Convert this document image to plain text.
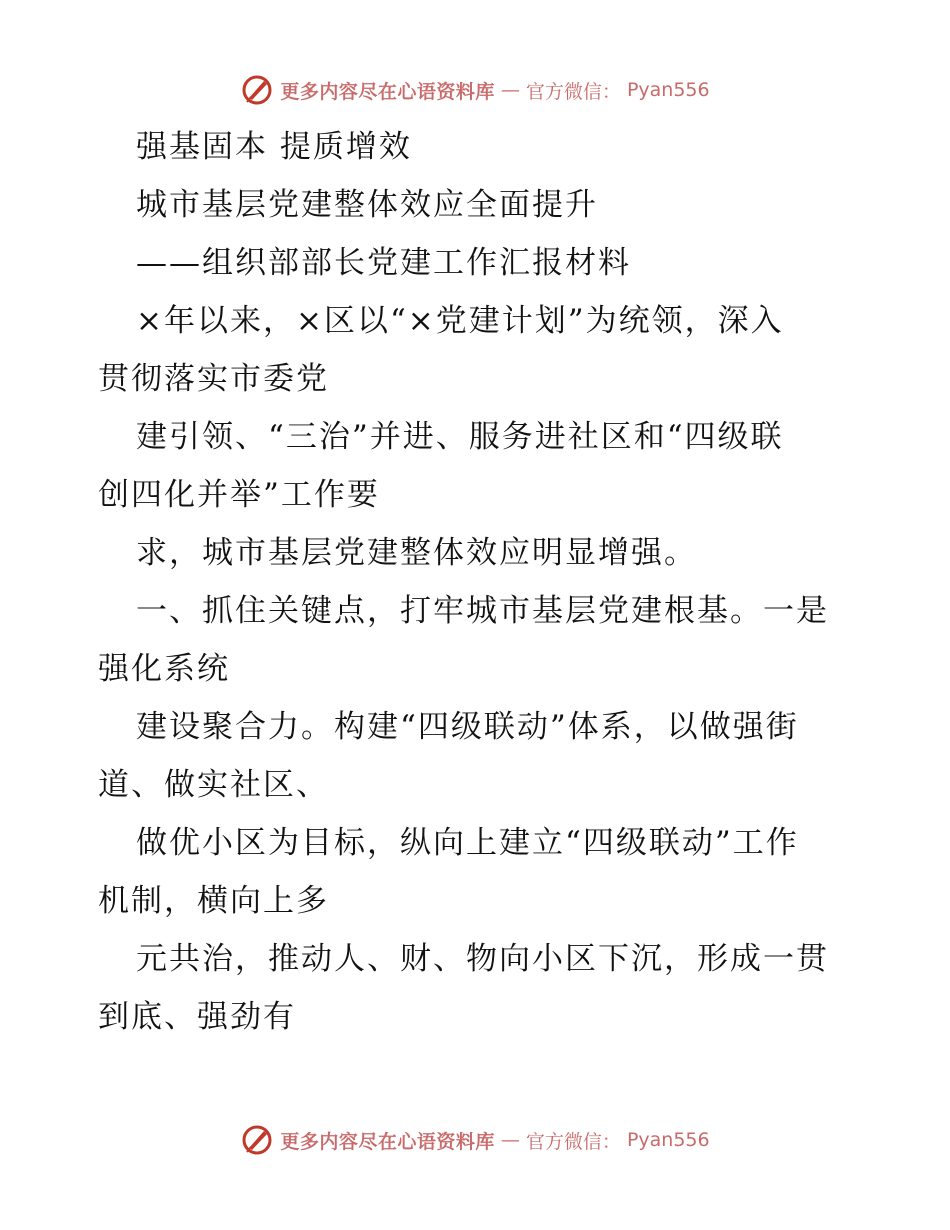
更多内容尽在心语资料库 — 官方微信： Pyan556
强基固本 提质增效
城市基层党建整体效应全面提升
——组织部部长党建工作汇报材料
×年以来，×区以“×党建计划”为统领，深入
贯彻落实市委党
建引领、“三治”并进、服务进社区和“四级联
创四化并举”工作要
求，城市基层党建整体效应明显增强。
一、抓住关键点，打牢城市基层党建根基。一是
强化系统
建设聚合力。构建“四级联动”体系，以做强街
道、做实社区、
做优小区为目标，纵向上建立“四级联动”工作
机制，横向上多
元共治，推动人、财、物向小区下沉，形成一贯
到底、强劲有
更多内容尽在心语资料库 — 官方微信： Pyan556
